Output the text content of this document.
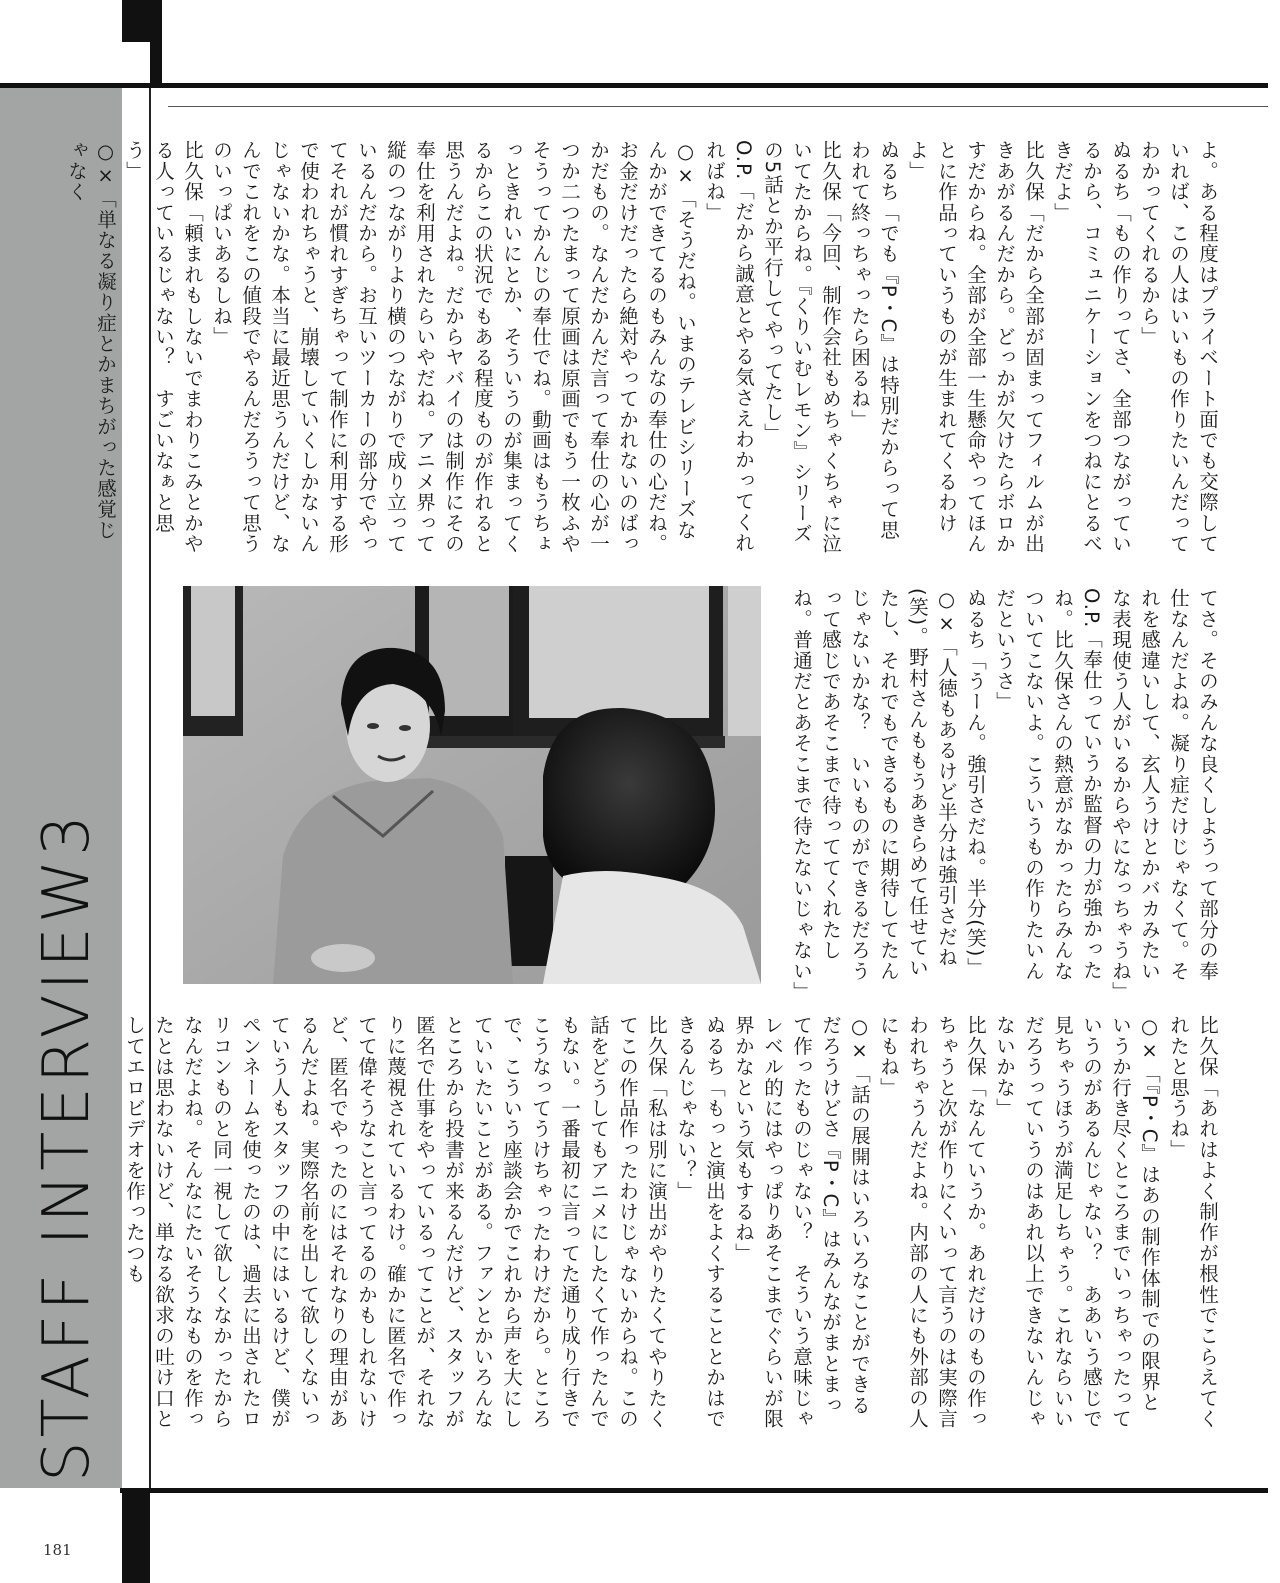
STAFF INTERVIEW3
181

よ。ある程度はプライベート面でも交際していれば、この人はいいもの作りたいんだってわかってくれるから」

ぬるち「もの作りってさ、全部つながっているから、コミュニケーションをつねにとるべきだよ」

比久保「だから全部が固まってフィルムが出きあがるんだから。どっかが欠けたらボロかすだからね。全部が全部一生懸命やってほんとに作品っていうものが生まれてくるわけよ」

ぬるち「でも『P・C』は特別だからって思われて終っちゃったら困るね」

比久保「今回、制作会社もめちゃくちゃに泣いてたからね。『くりいむレモン』シリーズの5話とか平行してやってたし」

O.P.「だから誠意とやる気さえわかってくれればね」

○×「そうだね。いまのテレビシリーズなんかができてるのもみんなの奉仕の心だね。お金だけだったら絶対やってかれないのばっかだもの。なんだかんだ言って奉仕の心が一つか二つたまって原画は原画でもう一枚ふやそうってかんじの奉仕でね。動画はもうちょっときれいにとか、そういうのが集まってくるからこの状況でもある程度ものが作れると思うんだよね。だからヤバイのは制作にその奉仕を利用されたらいやだね。アニメ界って縦のつながりより横のつながりで成り立っているんだから。お互いツーカーの部分でやってそれが慣れすぎちゃって制作に利用する形で使われちゃうと、崩壊していくしかないんじゃないかな。本当に最近思うんだけど、なんでこれをこの値段でやるんだろうって思うのいっぱいあるしね」

比久保「頼まれもしないでまわりこみとかやる人っているじゃない？　すごいなぁと思う」

○×「単なる凝り症とかまちがった感覚じゃなく

てさ。そのみんな良くしようって部分の奉仕なんだよね。凝り症だけじゃなくて。それを感違いして、玄人うけとかバカみたいな表現使う人がいるからやになっちゃうね」

O.P.「奉仕っていうか監督の力が強かったね。比久保さんの熱意がなかったらみんなついてこないよ。こういうもの作りたいんだというさ」

ぬるち「うーん。強引さだね。半分(笑)」

○×「人徳もあるけど半分は強引さだね(笑)。野村さんももうあきらめて任せていたし、それでもできるものに期待してたんじゃないかな？　いいものができるだろうって感じであそこまで待っててくれたしね。普通だとあそこまで待たないじゃない」

比久保「あれはよく制作が根性でこらえてくれたと思うね」

○×「『P・C』はあの制作体制での限界というか行き尽くところまでいっちゃったっていうのがあるんじゃない？　ああいう感じで見ちゃうほうが満足しちゃう。これならいいだろうっていうのはあれ以上できないんじゃないかな」

比久保「なんていうか。あれだけのもの作っちゃうと次が作りにくいって言うのは実際言われちゃうんだよね。内部の人にも外部の人にもね」

○×「話の展開はいろいろなことができるだろうけどさ『P・C』はみんながまとまって作ったものじゃない？　そういう意味じゃレベル的にはやっぱりあそこまでぐらいが限界かなという気もするね」

ぬるち「もっと演出をよくすることとかはできるんじゃない？」

比久保「私は別に演出がやりたくてやりたくてこの作品作ったわけじゃないからね。この話をどうしてもアニメにしたくて作ったんでもない。一番最初に言ってた通り成り行きでこうなってうけちゃったわけだから。ところで、こういう座談会かでこれから声を大にしていいたいことがある。ファンとかいろんなところから投書が来るんだけど、スタッフが匿名で仕事をやっているってことが、それなりに蔑視されているわけ。確かに匿名で作ってて偉そうなこと言ってるのかもしれないけど、匿名でやったのにはそれなりの理由があるんだよね。実際名前を出して欲しくないっていう人もスタッフの中にはいるけど、僕がペンネームを使ったのは、過去に出されたロリコンものと同一視して欲しくなかったからなんだよね。そんなにたいそうなものを作ったとは思わないけど、単なる欲求の吐け口としてエロビデオを作ったつも
